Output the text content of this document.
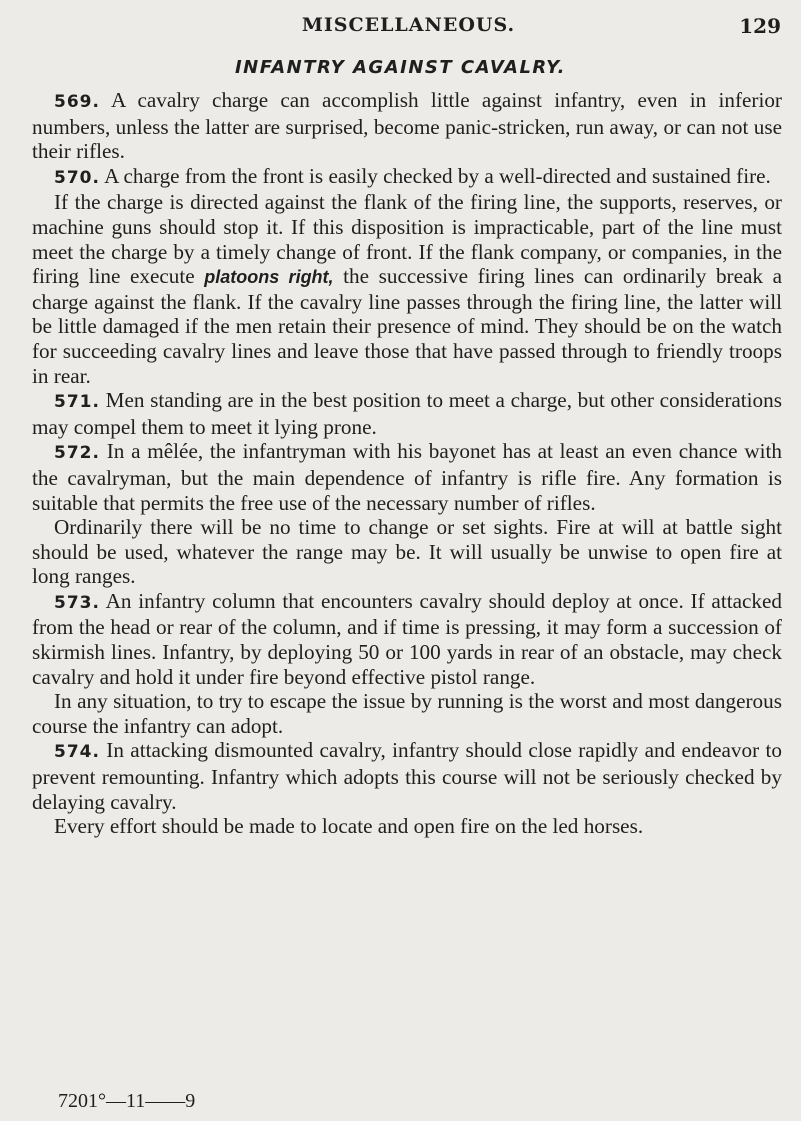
MISCELLANEOUS.	129
INFANTRY AGAINST CAVALRY.

569. A cavalry charge can accomplish little against infantry, even in inferior numbers, unless the latter are surprised, become panic-stricken, run away, or can not use their rifles.

570. A charge from the front is easily checked by a well-directed and sustained fire.

If the charge is directed against the flank of the firing line, the supports, reserves, or machine guns should stop it. If this disposition is impracticable, part of the line must meet the charge by a timely change of front. If the flank company, or companies, in the firing line execute platoons right, the successive firing lines can ordinarily break a charge against the flank. If the cavalry line passes through the firing line, the latter will be little damaged if the men retain their presence of mind. They should be on the watch for succeeding cavalry lines and leave those that have passed through to friendly troops in rear.

571. Men standing are in the best position to meet a charge, but other considerations may compel them to meet it lying prone.

572. In a mêlée, the infantryman with his bayonet has at least an even chance with the cavalryman, but the main dependence of infantry is rifle fire. Any formation is suitable that permits the free use of the necessary number of rifles.

Ordinarily there will be no time to change or set sights. Fire at will at battle sight should be used, whatever the range may be. It will usually be unwise to open fire at long ranges.

573. An infantry column that encounters cavalry should deploy at once. If attacked from the head or rear of the column, and if time is pressing, it may form a succession of skirmish lines. Infantry, by deploying 50 or 100 yards in rear of an obstacle, may check cavalry and hold it under fire beyond effective pistol range.

In any situation, to try to escape the issue by running is the worst and most dangerous course the infantry can adopt.

574. In attacking dismounted cavalry, infantry should close rapidly and endeavor to prevent remounting. Infantry which adopts this course will not be seriously checked by delaying cavalry.

Every effort should be made to locate and open fire on the led horses.

7201°—11——9
